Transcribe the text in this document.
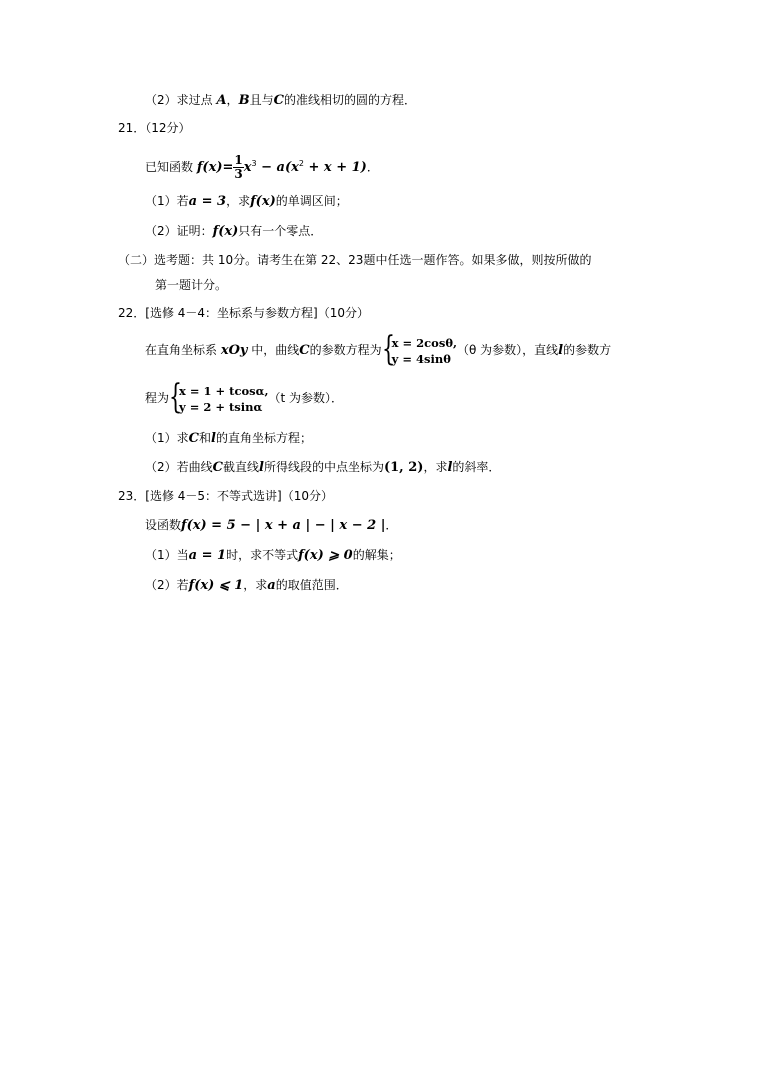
（2）求过点 A，B且与C的准线相切的圆的方程．
21．（12分）
已知函数 $f(x)= \frac{1}{3} x^3 - a(x^2 + x + 1)$．
（1）若a = 3，求f(x)的单调区间；
（2）证明：f(x)只有一个零点．
（二）选考题：共 10分。请考生在第 22、23题中任选一题作答。如果多做，则按所做的
第一题计分。
22．[选修 4－4：坐标系与参数方程]（10分）
在直角坐标系 xOy 中，曲线C的参数方程为 {
x = 2cosθ,
y = 4sinθ
（θ 为参数），直线l的参数方
程为 {
x = 1 + tcosα,
y = 2 + tsinα
（t 为参数）．
（1）求C和l的直角坐标方程；
（2）若曲线C截直线l所得线段的中点坐标为(1, 2)，求l的斜率．
23．[选修 4－5：不等式选讲]（10分）
设函数f(x) = 5 − | x + a | − | x − 2 |．
（1）当a = 1时，求不等式f(x) ⩾ 0的解集；
（2）若f(x) ⩽ 1，求a的取值范围．
